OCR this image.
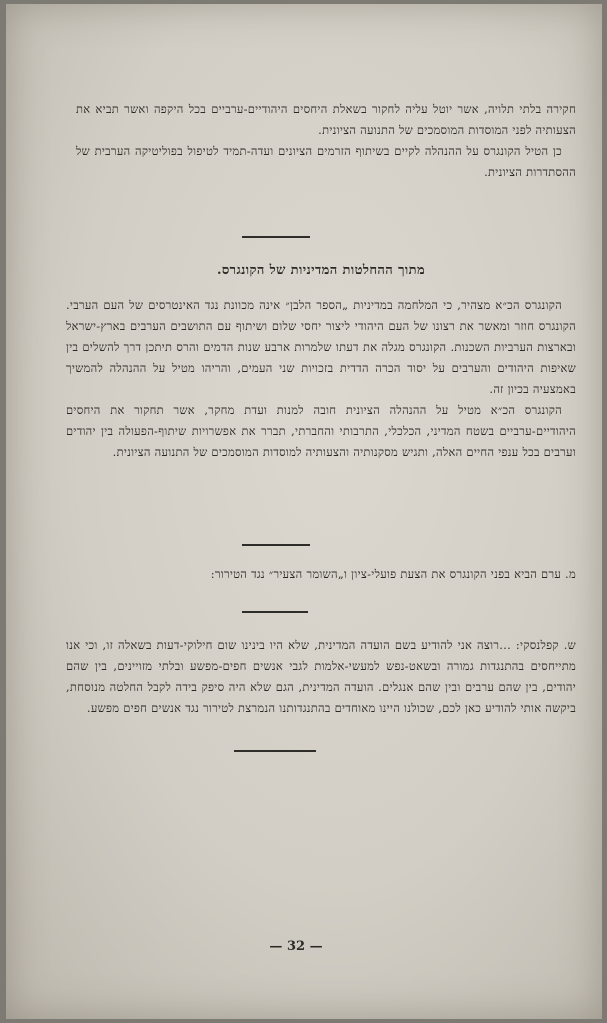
חקירה בלתי תלויה, אשר יוטל עליה לחקור בשאלת היחסים היהודיים-ערביים בכל היקפה ואשר תביא את הצעותיה לפני המוסדות המוסמכים של התנועה הציונית.

כן הטיל הקונגרס על ההנהלה לקיים בשיתוף הזרמים הציונים ועדה-תמיד לטיפול בפוליטיקה הערבית של ההסתדרות הציונית.

מתוך ההחלטות המדיניות של הקונגרס.

הקונגרס הכ״א מצהיר, כי המלחמה במדיניות „הספר הלבן״ אינה מכוונת נגד האינטרסים של העם הערבי. הקונגרס חוזר ומאשר את רצונו של העם היהודי ליצור יחסי שלום ושיתוף עם התושבים הערבים בארץ-ישראל ובארצות הערביות השכנות. הקונגרס מגלה את דעתו שלמרות ארבע שנות הדמים והרס תיתכן דרך להשלים בין שאיפות היהודים והערבים על יסוד הכרה הדדית בזכויות שני העמים, והריהו מטיל על ההנהלה להמשיך באמצעיה בכיון זה.

הקונגרס הכ״א מטיל על ההנהלה הציונית חובה למנות ועדת מחקר, אשר תחקור את היחסים היהודיים-ערביים בשטח המדיני, הכלכלי, התרבותי והחברתי, תברר את אפשרויות שיתוף-הפעולה בין יהודים וערבים בכל ענפי החיים האלה, ותגיש מסקנותיה והצעותיה למוסדות המוסמכים של התנועה הציונית.

מ. ערם הביא בפני הקונגרס את הצעת פועלי-ציון ו„השומר הצעיר״ נגד הטירור:

ש. קפלנסקי: ...רוצה אני להודיע בשם הועדה המדינית, שלא היו בינינו שום חילוקי-דעות בשאלה זו, וכי אנו מתייחסים בהתנגדות גמורה ובשאט-נפש למעשי-אלמות לגבי אנשים חפים-מפשע ובלתי מזויינים, בין שהם יהודים, בין שהם ערבים ובין שהם אנגלים. הועדה המדינית, הגם שלא היה סיפק בידה לקבל החלטה מנוסחת, ביקשה אותי להודיע כאן לכם, שכולנו היינו מאוחדים בהתנגדותנו הנמרצת לטירור נגד אנשים חפים מפשע.

— 32 —
